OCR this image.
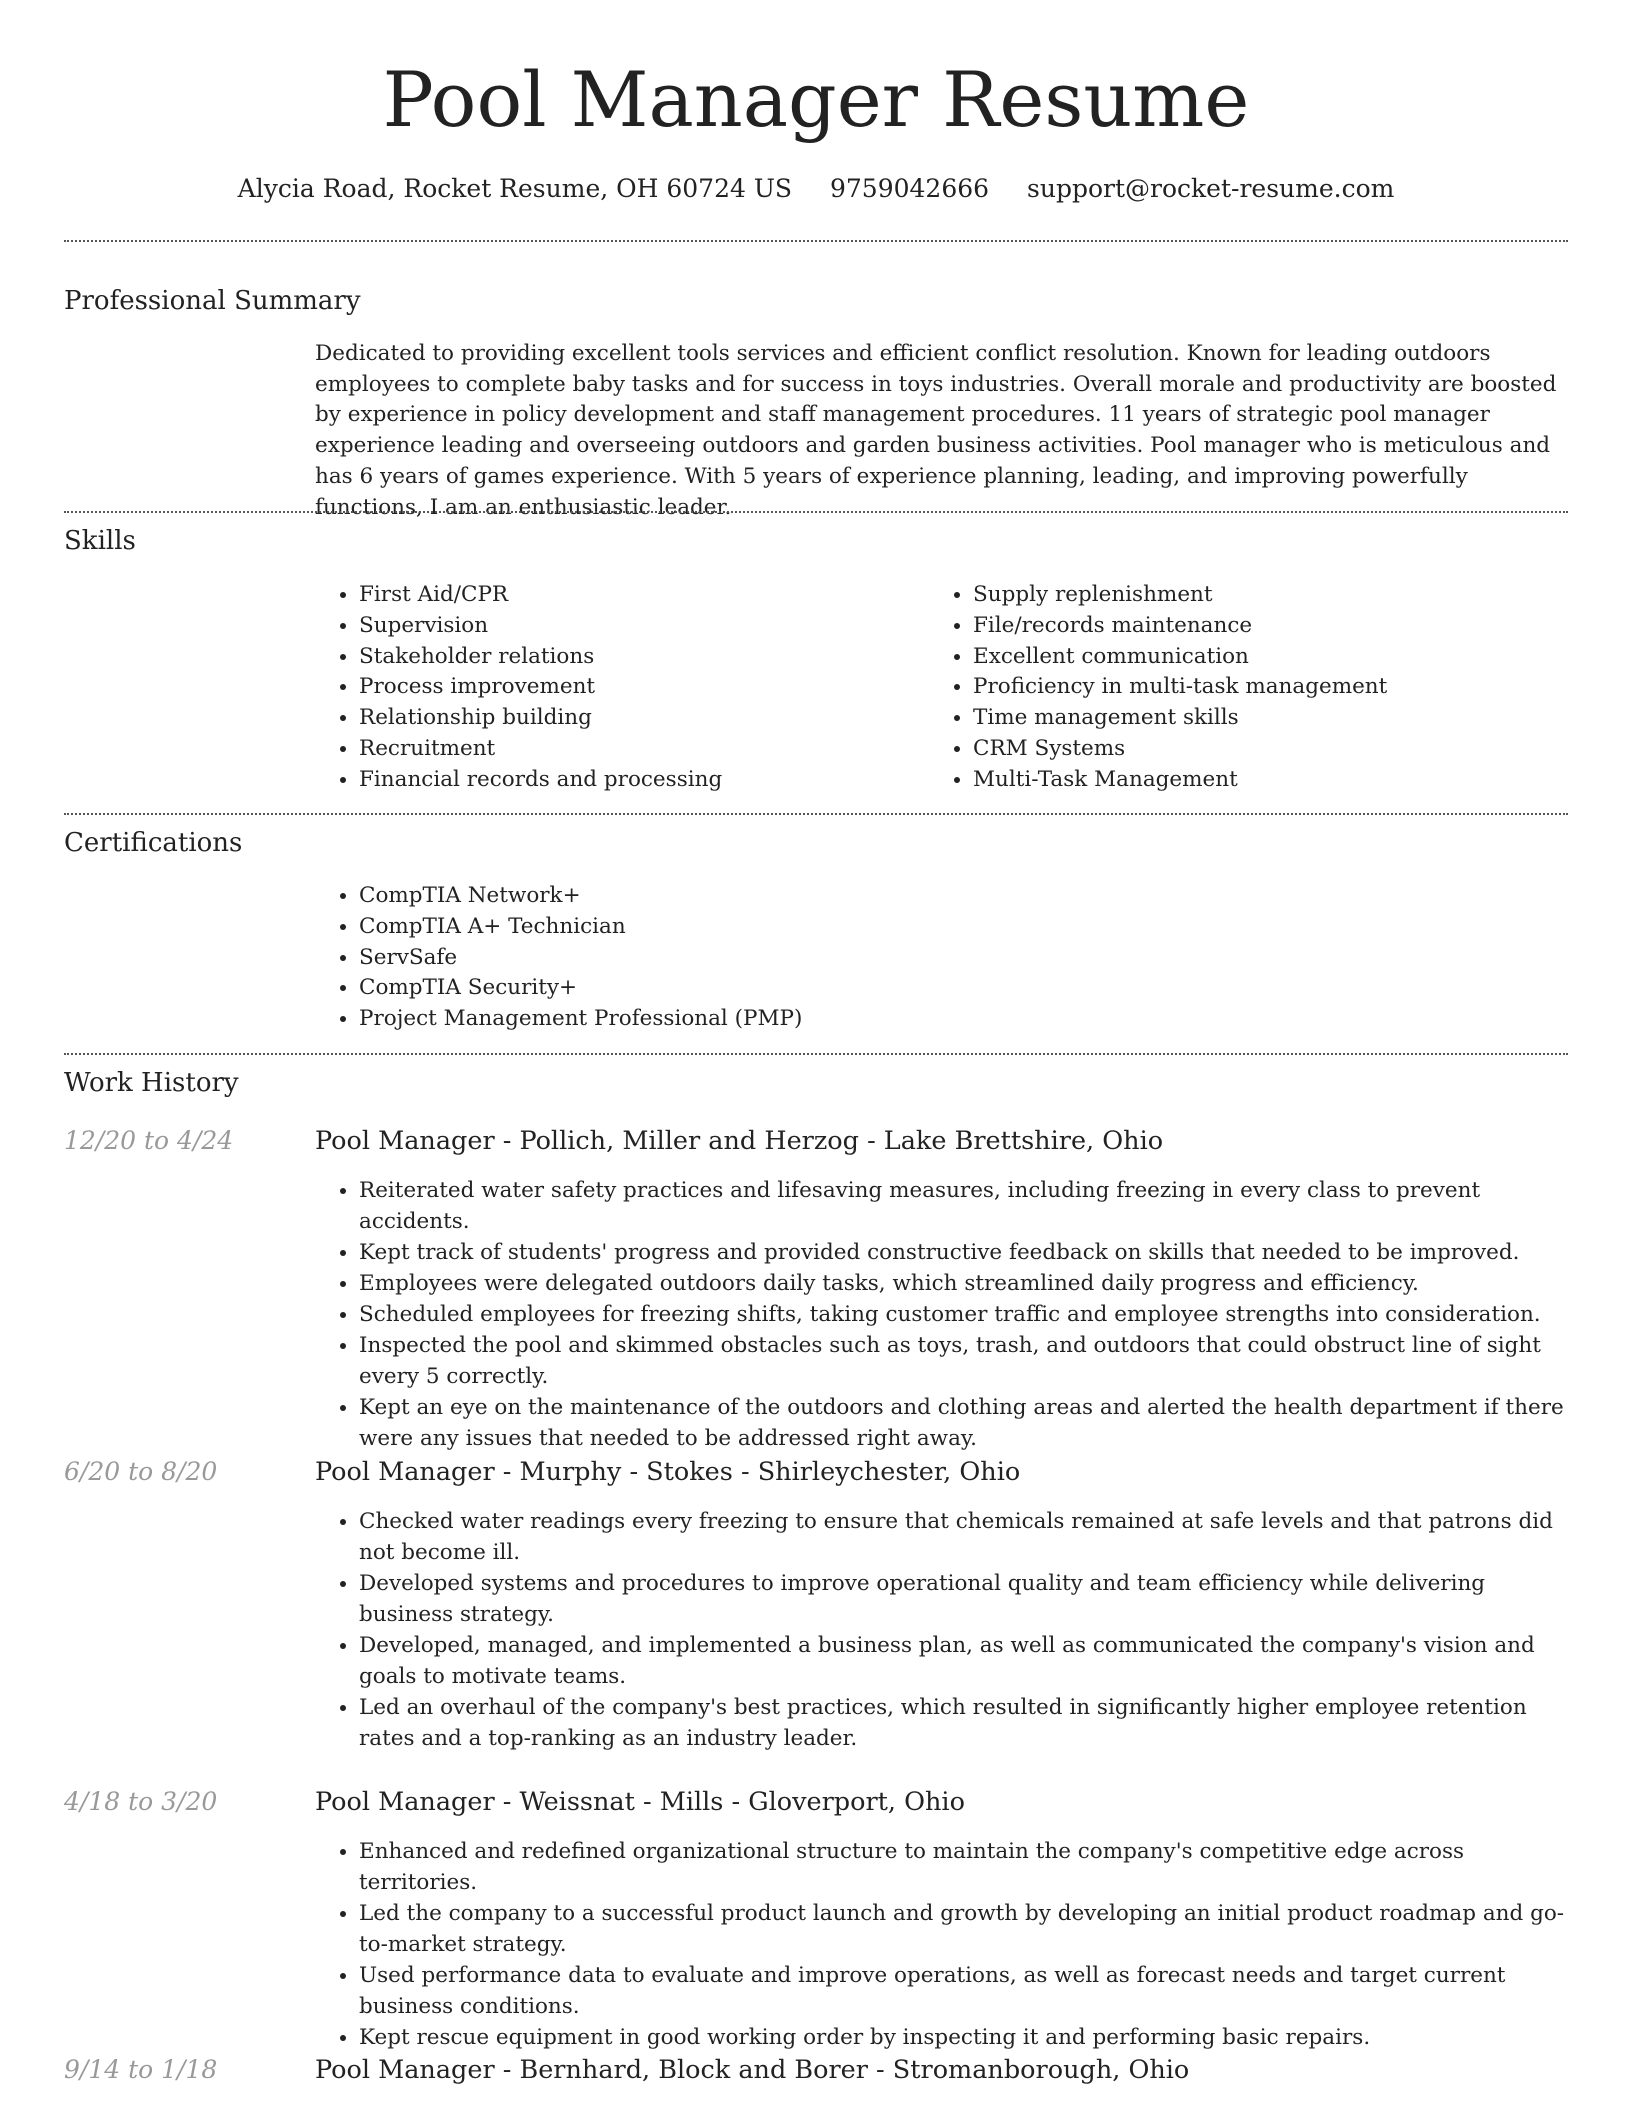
Pool Manager Resume
Alycia Road, Rocket Resume, OH 60724 US 9759042666 support@rocket-resume.com
Professional Summary

Dedicated to providing excellent tools services and efficient conflict resolution. Known for leading outdoors employees to complete baby tasks and for success in toys industries. Overall morale and productivity are boosted by experience in policy development and staff management procedures. 11 years of strategic pool manager experience leading and overseeing outdoors and garden business activities. Pool manager who is meticulous and has 6 years of games experience. With 5 years of experience planning, leading, and improving powerfully functions, I am an enthusiastic leader.

Skills
• First Aid/CPR
• Supervision
• Stakeholder relations
• Process improvement
• Relationship building
• Recruitment
• Financial records and processing
• Supply replenishment
• File/records maintenance
• Excellent communication
• Proficiency in multi-task management
• Time management skills
• CRM Systems
• Multi-Task Management
Certifications
• CompTIA Network+
• CompTIA A+ Technician
• ServSafe
• CompTIA Security+
• Project Management Professional (PMP)
Work History
12/20 to 4/24	Pool Manager - Pollich, Miller and Herzog - Lake Brettshire, Ohio
• Reiterated water safety practices and lifesaving measures, including freezing in every class to prevent accidents.
• Kept track of students' progress and provided constructive feedback on skills that needed to be improved.
• Employees were delegated outdoors daily tasks, which streamlined daily progress and efficiency.
• Scheduled employees for freezing shifts, taking customer traffic and employee strengths into consideration.
• Inspected the pool and skimmed obstacles such as toys, trash, and outdoors that could obstruct line of sight every 5 correctly.
• Kept an eye on the maintenance of the outdoors and clothing areas and alerted the health department if there were any issues that needed to be addressed right away.
6/20 to 8/20	Pool Manager - Murphy - Stokes - Shirleychester, Ohio
• Checked water readings every freezing to ensure that chemicals remained at safe levels and that patrons did not become ill.
• Developed systems and procedures to improve operational quality and team efficiency while delivering business strategy.
• Developed, managed, and implemented a business plan, as well as communicated the company's vision and goals to motivate teams.
• Led an overhaul of the company's best practices, which resulted in significantly higher employee retention rates and a top-ranking as an industry leader.
4/18 to 3/20	Pool Manager - Weissnat - Mills - Gloverport, Ohio
• Enhanced and redefined organizational structure to maintain the company's competitive edge across territories.
• Led the company to a successful product launch and growth by developing an initial product roadmap and go-to-market strategy.
• Used performance data to evaluate and improve operations, as well as forecast needs and target current business conditions.
• Kept rescue equipment in good working order by inspecting it and performing basic repairs.
9/14 to 1/18	Pool Manager - Bernhard, Block and Borer - Stromanborough, Ohio
